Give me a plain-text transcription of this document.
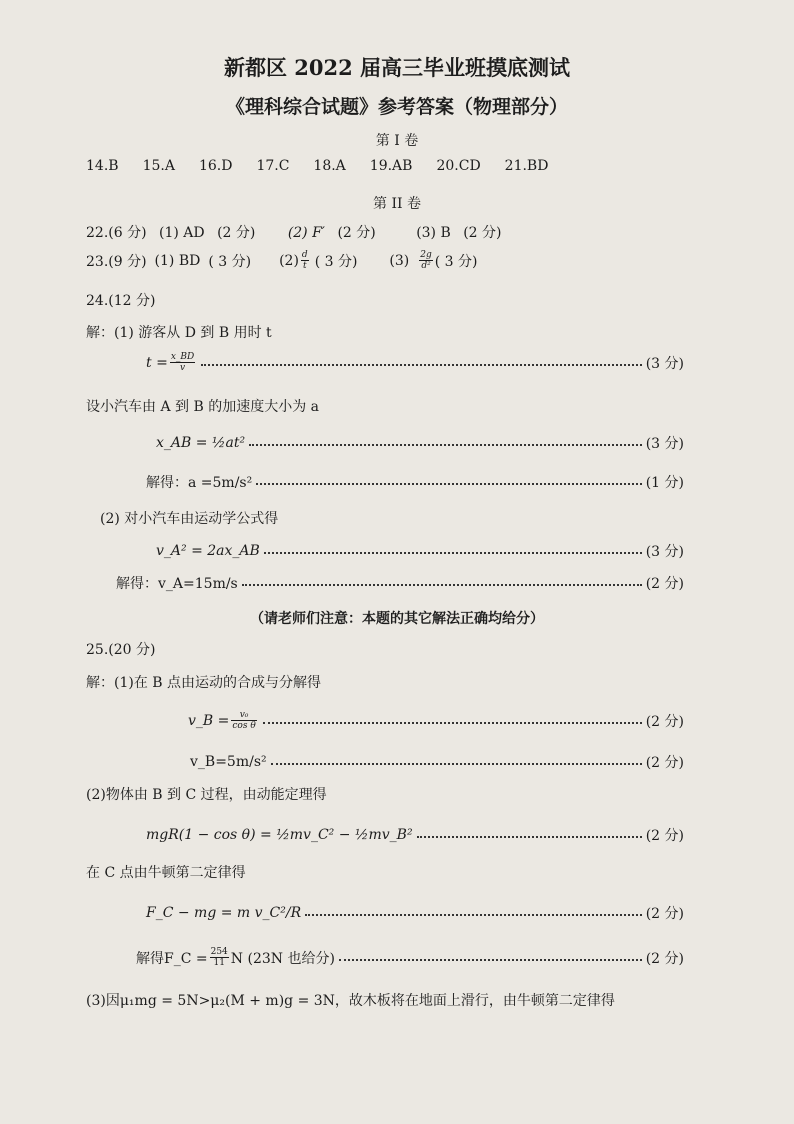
新都区 2022 届高三毕业班摸底测试
《理科综合试题》参考答案（物理部分）
第 I 卷
14.B 15.A 16.D 17.C 18.A 19.AB 20.CD 21.BD
第 II 卷
22.(6 分) (1) AD (2 分) (2) F′ (2 分)	(3) B (2 分)
23.(9 分) (1) BD ( 3 分) $(2) \frac{d}{t}$ ( 3 分) $(3) \frac{2g}{\text{d²}}$ ( 3 分)
24.(12 分)
解：(1) 游客从 D 到 B 用时 t
$t = \frac{x\_BD}{v}$	(3 分)
设小汽车由 A 到 B 的加速度大小为 a
x_AB = ½at²	(3 分)
解得：a =5m/s²	(1 分)
(2) 对小汽车由运动学公式得
v_A² = 2ax_AB	(3 分)
解得：v_A=15m/s	(2 分)
（请老师们注意：本题的其它解法正确均给分）
25.(20 分)
解：(1)在 B 点由运动的合成与分解得
v_B = $\frac{\text{v₀}}{\text{cos θ}}$	(2 分)
v_B=5m/s²	(2 分)
(2)物体由 B 到 C 过程，由动能定理得
mgR(1 − cos θ) = ½mv_C² − ½mv_B²	(2 分)
在 C 点由牛顿第二定律得
F_C − mg = m v_C²/R	(2 分)
解得F_C = $\frac{254}{11}$ N (23N 也给分)	(2 分)
(3)因μ₁mg = 5N>μ₂(M + m)g = 3N，故木板将在地面上滑行，由牛顿第二定律得
